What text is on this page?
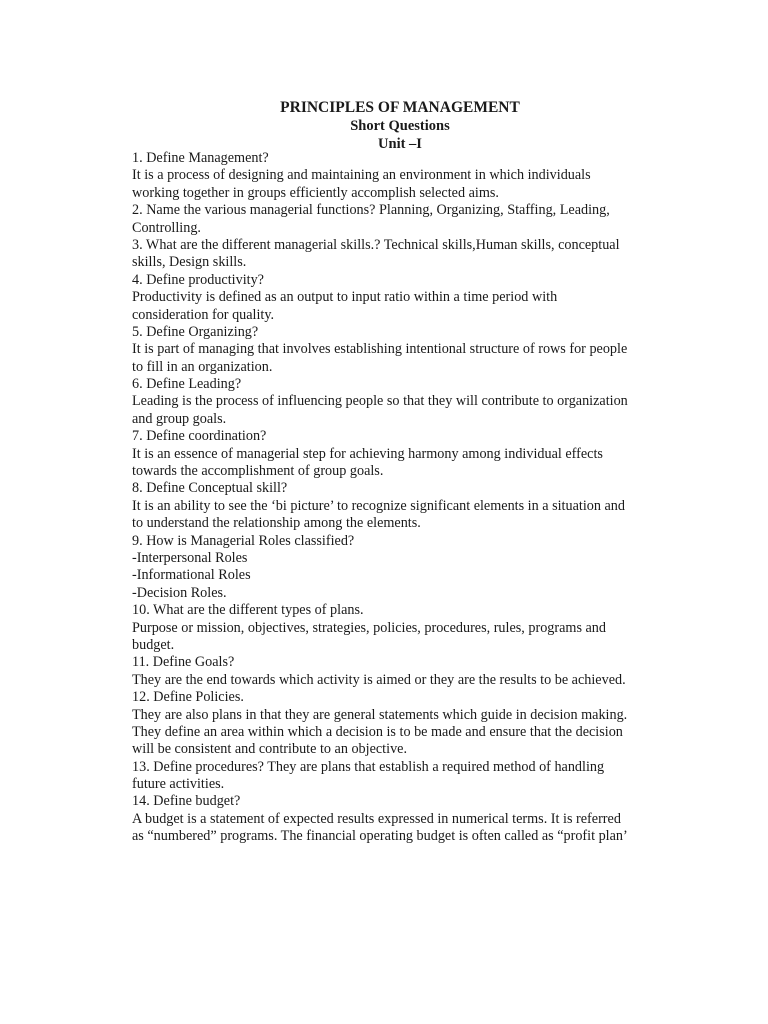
PRINCIPLES OF MANAGEMENT
Short Questions
Unit –I
1. Define Management?
It is a process of designing and maintaining an environment in which individuals
working together in groups efficiently accomplish selected aims.
2. Name the various managerial functions? Planning, Organizing, Staffing, Leading,
Controlling.
3. What are the different managerial skills.? Technical skills,Human skills, conceptual
skills, Design skills.
4. Define productivity?
Productivity is defined as an output to input ratio within a time period with
consideration for quality.
5. Define Organizing?
It is part of managing that involves establishing intentional structure of rows for people
to fill in an organization.
6. Define Leading?
Leading is the process of influencing people so that they will contribute to organization
and group goals.
7. Define coordination?
It is an essence of managerial step for achieving harmony among individual effects
towards the accomplishment of group goals.
8. Define Conceptual skill?
It is an ability to see the ‘bi picture’ to recognize significant elements in a situation and
to understand the relationship among the elements.
9. How is Managerial Roles classified?
-Interpersonal Roles
-Informational Roles
-Decision Roles.
10. What are the different types of plans.
Purpose or mission, objectives, strategies, policies, procedures, rules, programs and
budget.
11. Define Goals?
They are the end towards which activity is aimed or they are the results to be achieved.
12. Define Policies.
They are also plans in that they are general statements which guide in decision making.
They define an area within which a decision is to be made and ensure that the decision
will be consistent and contribute to an objective.
13. Define procedures? They are plans that establish a required method of handling
future activities.
14. Define budget?
A budget is a statement of expected results expressed in numerical terms. It is referred
as “numbered” programs. The financial operating budget is often called as “profit plan’
